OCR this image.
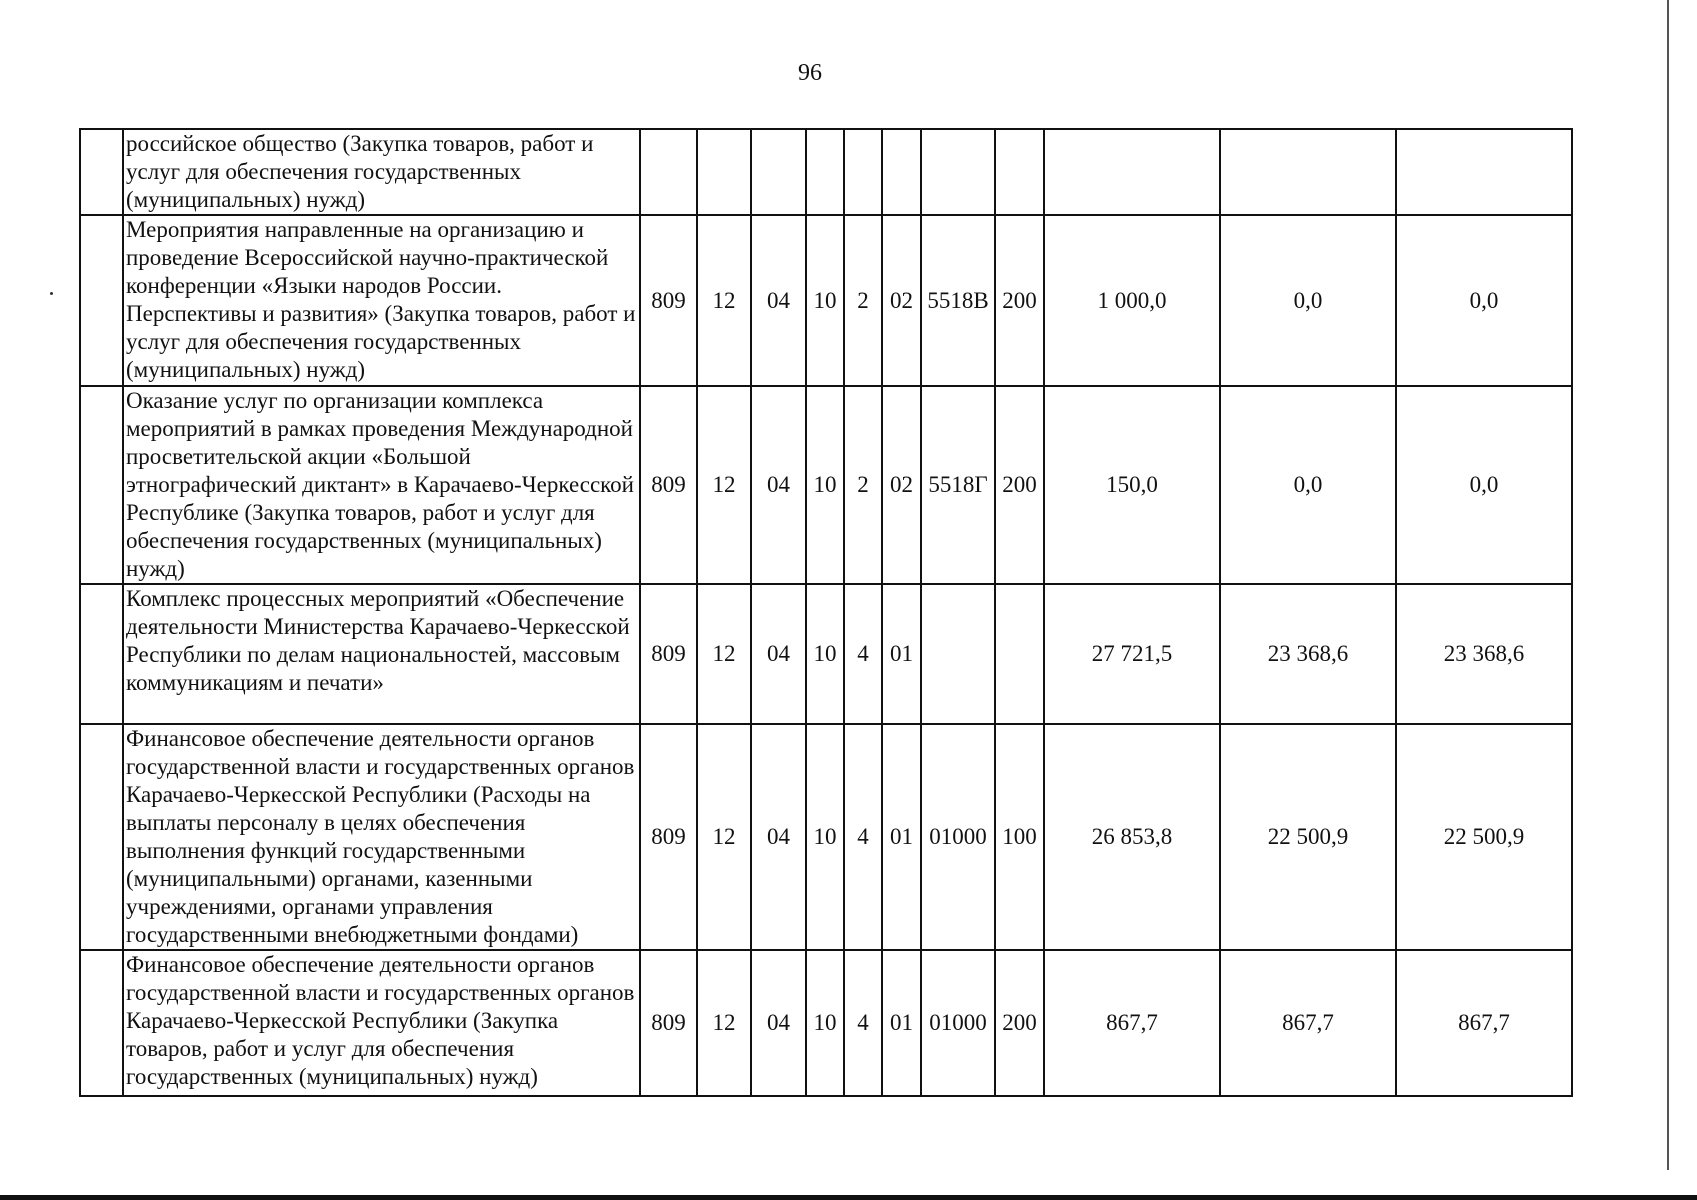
96
	российское общество (Закупка товаров, работ и услуг для обеспечения государственных (муниципальных) нужд)											
	Мероприятия направленные на организацию и проведение Всероссийской научно-практической конференции «Языки народов России. Перспективы и развития» (Закупка товаров, работ и услуг для обеспечения государственных (муниципальных) нужд)	809	12	04	10	2	02	5518В	200	1 000,0	0,0	0,0
	Оказание услуг по организации комплекса мероприятий в рамках проведения Международной просветительской акции «Большой этнографический диктант» в Карачаево-Черкесской Республике (Закупка товаров, работ и услуг для обеспечения государственных (муниципальных) нужд)	809	12	04	10	2	02	5518Г	200	150,0	0,0	0,0
	Комплекс процессных мероприятий «Обеспечение деятельности Министерства Карачаево-Черкесской Республики по делам национальностей, массовым коммуникациям и печати»	809	12	04	10	4	01			27 721,5	23 368,6	23 368,6
	Финансовое обеспечение деятельности органов государственной власти и государственных органов Карачаево-Черкесской Республики (Расходы на выплаты персоналу в целях обеспечения выполнения функций государственными (муниципальными) органами, казенными учреждениями, органами управления государственными внебюджетными фондами)	809	12	04	10	4	01	01000	100	26 853,8	22 500,9	22 500,9
	Финансовое обеспечение деятельности органов государственной власти и государственных органов Карачаево-Черкесской Республики (Закупка товаров, работ и услуг для обеспечения государственных (муниципальных) нужд)	809	12	04	10	4	01	01000	200	867,7	867,7	867,7
